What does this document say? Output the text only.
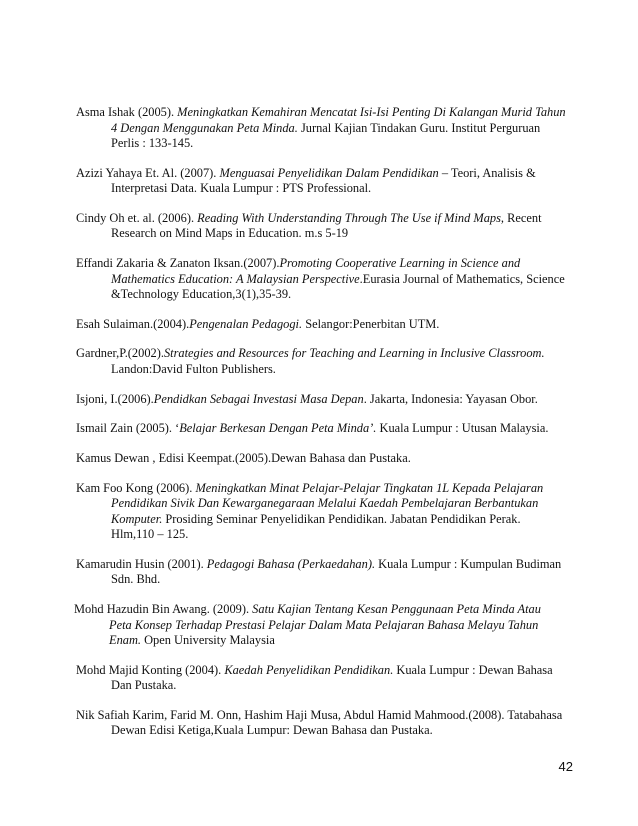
Asma Ishak (2005). Meningkatkan Kemahiran Mencatat Isi-Isi Penting Di Kalangan Murid Tahun 4 Dengan Menggunakan Peta Minda. Jurnal Kajian Tindakan Guru. Institut Perguruan Perlis : 133-145.

Azizi Yahaya Et. Al. (2007). Menguasai Penyelidikan Dalam Pendidikan – Teori, Analisis & Interpretasi Data. Kuala Lumpur : PTS Professional.

Cindy Oh et. al. (2006). Reading With Understanding Through The Use if Mind Maps, Recent Research on Mind Maps in Education. m.s 5-19

Effandi Zakaria & Zanaton Iksan.(2007).Promoting Cooperative Learning in Science and Mathematics Education: A Malaysian Perspective.Eurasia Journal of Mathematics, Science &Technology Education,3(1),35-39.

Esah Sulaiman.(2004).Pengenalan Pedagogi. Selangor:Penerbitan UTM.

Gardner,P.(2002).Strategies and Resources for Teaching and Learning in Inclusive Classroom. Landon:David Fulton Publishers.

Isjoni, I.(2006).Pendidkan Sebagai Investasi Masa Depan. Jakarta, Indonesia: Yayasan Obor.

Ismail Zain (2005). ‘Belajar Berkesan Dengan Peta Minda’. Kuala Lumpur : Utusan Malaysia.

Kamus Dewan , Edisi Keempat.(2005).Dewan Bahasa dan Pustaka.

Kam Foo Kong (2006). Meningkatkan Minat Pelajar-Pelajar Tingkatan 1L Kepada Pelajaran Pendidikan Sivik Dan Kewarganegaraan Melalui Kaedah Pembelajaran Berbantukan Komputer. Prosiding Seminar Penyelidikan Pendidikan. Jabatan Pendidikan Perak. Hlm,110 – 125.

Kamarudin Husin (2001). Pedagogi Bahasa (Perkaedahan). Kuala Lumpur : Kumpulan Budiman Sdn. Bhd.

Mohd Hazudin Bin Awang. (2009). Satu Kajian Tentang Kesan Penggunaan Peta Minda Atau Peta Konsep Terhadap Prestasi Pelajar Dalam Mata Pelajaran Bahasa Melayu Tahun Enam. Open University Malaysia

Mohd Majid Konting (2004). Kaedah Penyelidikan Pendidikan. Kuala Lumpur : Dewan Bahasa Dan Pustaka.

Nik Safiah Karim, Farid M. Onn, Hashim Haji Musa, Abdul Hamid Mahmood.(2008). Tatabahasa Dewan Edisi Ketiga,Kuala Lumpur: Dewan Bahasa dan Pustaka.

42
